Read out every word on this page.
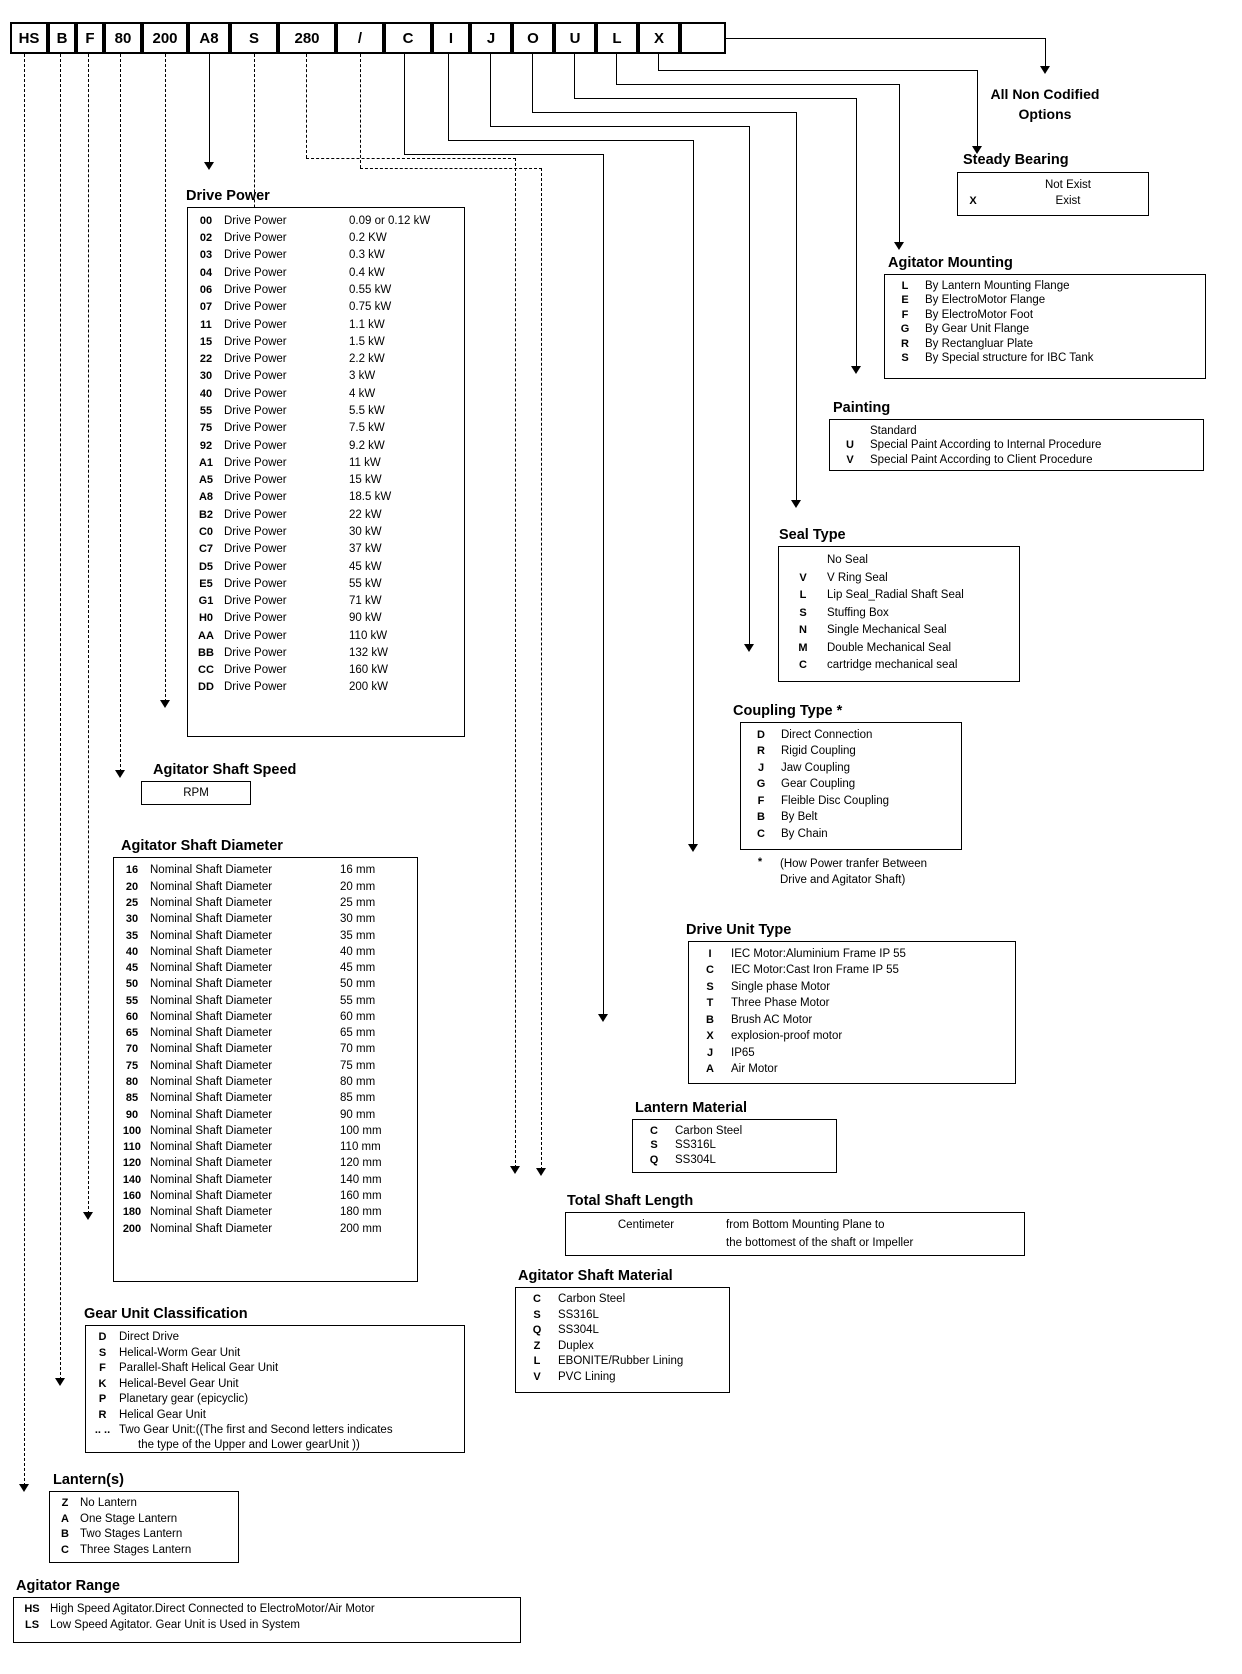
HS	B	F	80	200	A8	S	280	/	C	I	J	O	U	L	X
All Non Codified
Options
Steady Bearing
Not Exist
X	Exist
Agitator Mounting
L	By Lantern Mounting Flange
E	By ElectroMotor Flange
F	By ElectroMotor Foot
G	By Gear Unit Flange
R	By Rectangluar Plate
S	By Special structure for IBC Tank
Painting
Standard
U	Special Paint According to Internal Procedure
V	Special Paint According to Client Procedure
Seal Type
No Seal
V	V Ring Seal
L	Lip Seal_Radial Shaft Seal
S	Stuffing Box
N	Single Mechanical Seal
M	Double Mechanical Seal
C	cartridge mechanical seal
Coupling Type *
D	Direct Connection
R	Rigid Coupling
J	Jaw Coupling
G	Gear Coupling
F	Fleible Disc Coupling
B	By Belt
C	By Chain
*	(How Power tranfer Between
Drive and Agitator Shaft)
Drive Unit Type
I	IEC Motor:Aluminium Frame IP 55
C	IEC Motor:Cast Iron Frame IP 55
S	Single phase Motor
T	Three Phase Motor
B	Brush AC Motor
X	explosion-proof motor
J	IP65
A	Air Motor
Lantern Material
C	Carbon Steel
S	SS316L
Q	SS304L
Total Shaft Length
Centimeter	from Bottom Mounting Plane to
the bottomest of the shaft or Impeller
Agitator Shaft Material
C	Carbon Steel
S	SS316L
Q	SS304L
Z	Duplex
L	EBONITE/Rubber Lining
V	PVC Lining
Drive Power
00	Drive Power	0.09 or 0.12 kW
02	Drive Power	0.2 KW
03	Drive Power	0.3 kW
04	Drive Power	0.4 kW
06	Drive Power	0.55 kW
07	Drive Power	0.75 kW
11	Drive Power	1.1 kW
15	Drive Power	1.5 kW
22	Drive Power	2.2 kW
30	Drive Power	3 kW
40	Drive Power	4 kW
55	Drive Power	5.5 kW
75	Drive Power	7.5 kW
92	Drive Power	9.2 kW
A1 Drive Power	11 kW
A5 Drive Power	15 kW
A8 Drive Power	18.5 kW
B2 Drive Power	22 kW
C0 Drive Power	30 kW
C7 Drive Power	37 kW
D5 Drive Power	45 kW
E5 Drive Power	55 kW
G1 Drive Power	71 kW
H0 Drive Power	90 kW
AA Drive Power	110 kW
BB Drive Power	132 kW
CC Drive Power	160 kW
DD Drive Power	200 kW
Agitator Shaft Speed
RPM
Agitator Shaft Diameter
16	Nominal Shaft Diameter	16 mm
20	Nominal Shaft Diameter	20 mm
25	Nominal Shaft Diameter	25 mm
30	Nominal Shaft Diameter	30 mm
35	Nominal Shaft Diameter	35 mm
40	Nominal Shaft Diameter	40 mm
45	Nominal Shaft Diameter	45 mm
50	Nominal Shaft Diameter	50 mm
55	Nominal Shaft Diameter	55 mm
60	Nominal Shaft Diameter	60 mm
65	Nominal Shaft Diameter	65 mm
70	Nominal Shaft Diameter	70 mm
75	Nominal Shaft Diameter	75 mm
80	Nominal Shaft Diameter	80 mm
85	Nominal Shaft Diameter	85 mm
90	Nominal Shaft Diameter	90 mm
100 Nominal Shaft Diameter	100 mm
110 Nominal Shaft Diameter	110 mm
120 Nominal Shaft Diameter	120 mm
140 Nominal Shaft Diameter	140 mm
160 Nominal Shaft Diameter	160 mm
180 Nominal Shaft Diameter	180 mm
200 Nominal Shaft Diameter	200 mm
Gear Unit Classification
D	Direct Drive
S	Helical-Worm Gear Unit
F	Parallel-Shaft Helical Gear Unit
K	Helical-Bevel Gear Unit
P	Planetary gear (epicyclic)
R	Helical Gear Unit
.. .. Two Gear Unit:((The first and Second letters indicates
the type of the Upper and Lower gearUnit ))
Lantern(s)
Z	No Lantern
A One Stage Lantern
B Two Stages Lantern
C Three Stages Lantern
Agitator Range
HS High Speed Agitator.Direct Connected to ElectroMotor/Air Motor
LS Low Speed Agitator. Gear Unit is Used in System
